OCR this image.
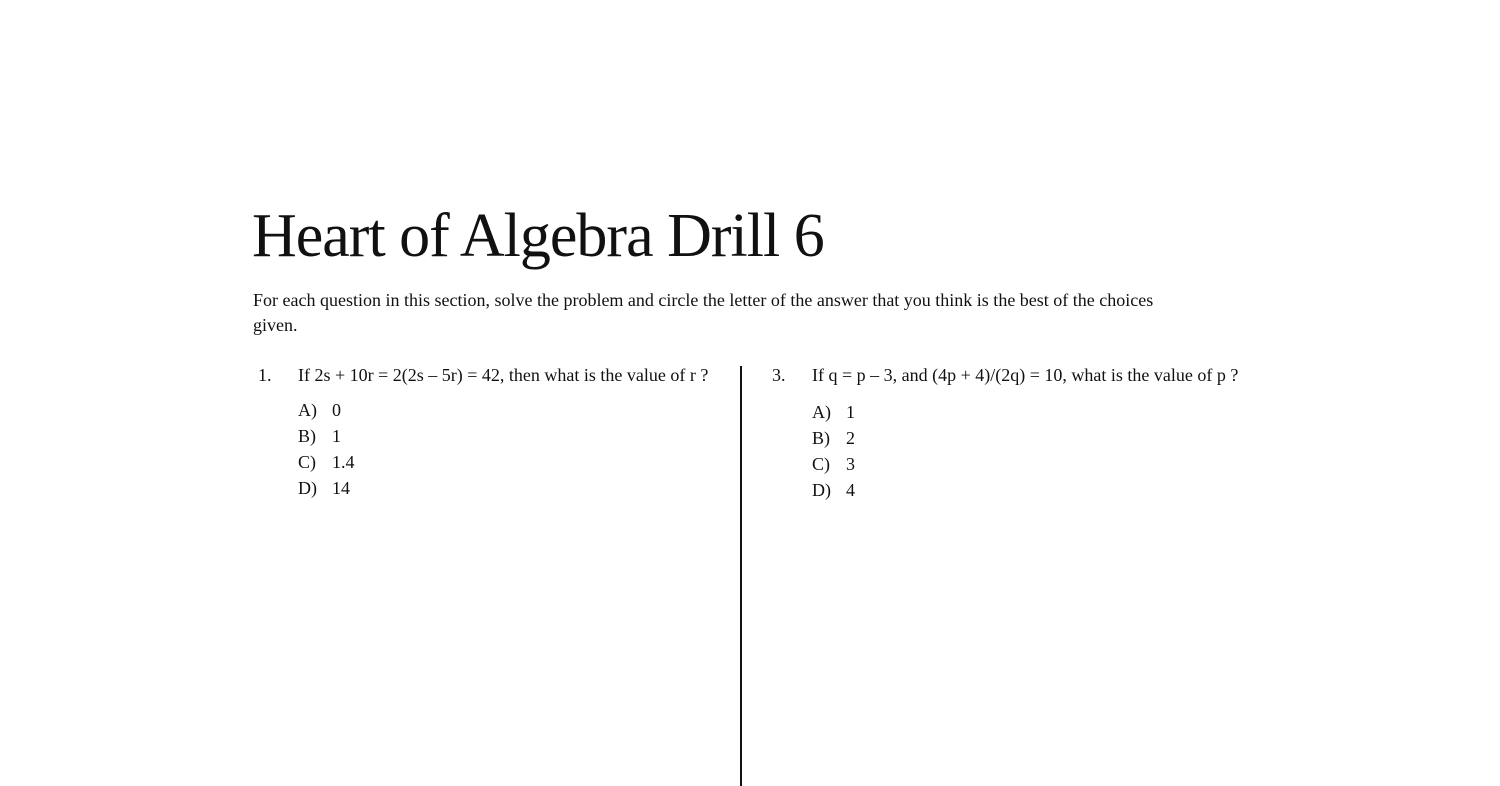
Heart of Algebra Drill 6

For each question in this section, solve the problem and circle the letter of the answer that you think is the best of the choices given.

1. If 2s + 10r = 2(2s – 5r) = 42, then what is the value of r ?
A) 0
B) 1
C) 1.4
D) 14
3. If q = p – 3, and (4p + 4)/(2q) = 10, what is the value of p ?
A) 1
B) 2
C) 3
D) 4
